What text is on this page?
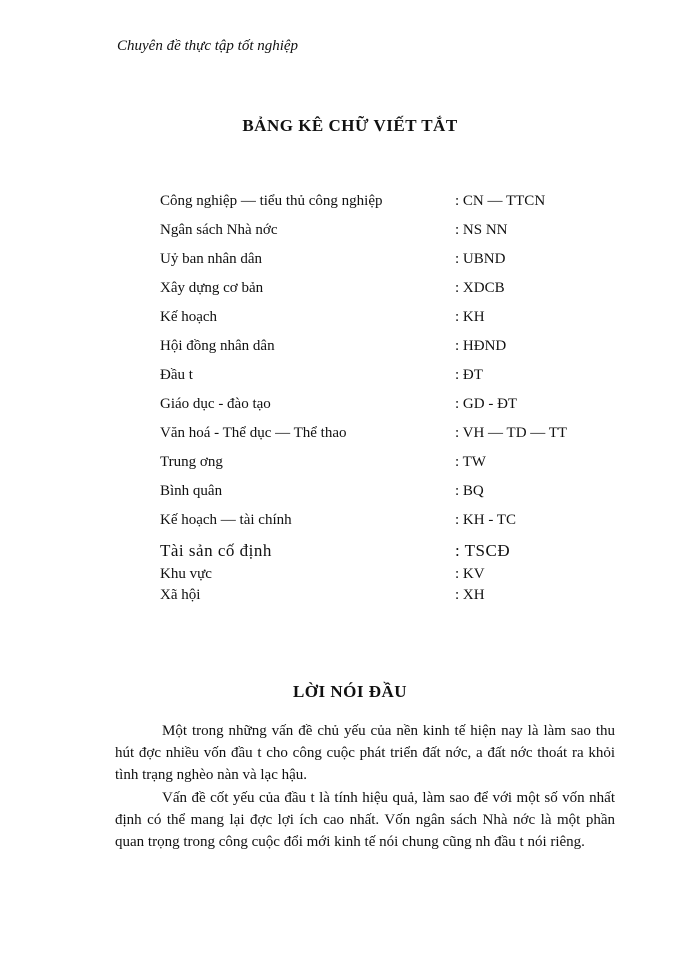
Chuyên đề thực tập tốt nghiệp
BẢNG KÊ CHỮ VIẾT TẮT
Công nghiệp — tiểu thủ công nghiệp	: CN — TTCN
Ngân sách Nhà nớc	: NS NN
Uỷ ban nhân dân	: UBND
Xây dựng cơ bản	: XDCB
Kế hoạch	: KH
Hội đồng nhân dân	: HĐND
Đầu t	: ĐT
Giáo dục - đào tạo	: GD - ĐT
Văn hoá - Thể dục — Thể thao	: VH — TD — TT
Trung ơng	: TW
Bình quân	: BQ
Kế hoạch — tài chính	: KH - TC
Tài sản cố định	: TSCĐ
Khu vực	: KV
Xã hội	: XH
LỜI NÓI ĐẦU
Một trong những vấn đề chủ yếu của nền kinh tế hiện nay là làm sao thu hút đợc nhiều vốn đầu t cho công cuộc phát triển đất nớc, a đất nớc thoát ra khỏi tình trạng nghèo nàn và lạc hậu.
Vấn đề cốt yếu của đầu t là tính hiệu quả, làm sao để với một số vốn nhất định có thể mang lại đợc lợi ích cao nhất. Vốn ngân sách Nhà nớc là một phần quan trọng trong công cuộc đổi mới kinh tế nói chung cũng nh đầu t nói riêng.
